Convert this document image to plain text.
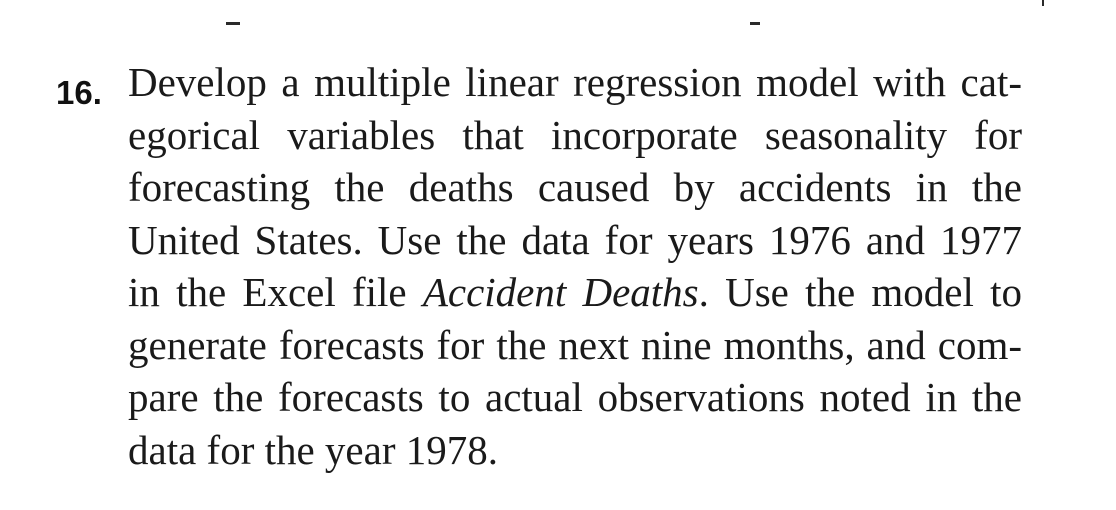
16. Develop a multiple linear regression model with cat-
egorical variables that incorporate seasonality for
forecasting the deaths caused by accidents in the
United States. Use the data for years 1976 and 1977
in the Excel file Accident Deaths. Use the model to
generate forecasts for the next nine months, and com-
pare the forecasts to actual observations noted in the
data for the year 1978.
